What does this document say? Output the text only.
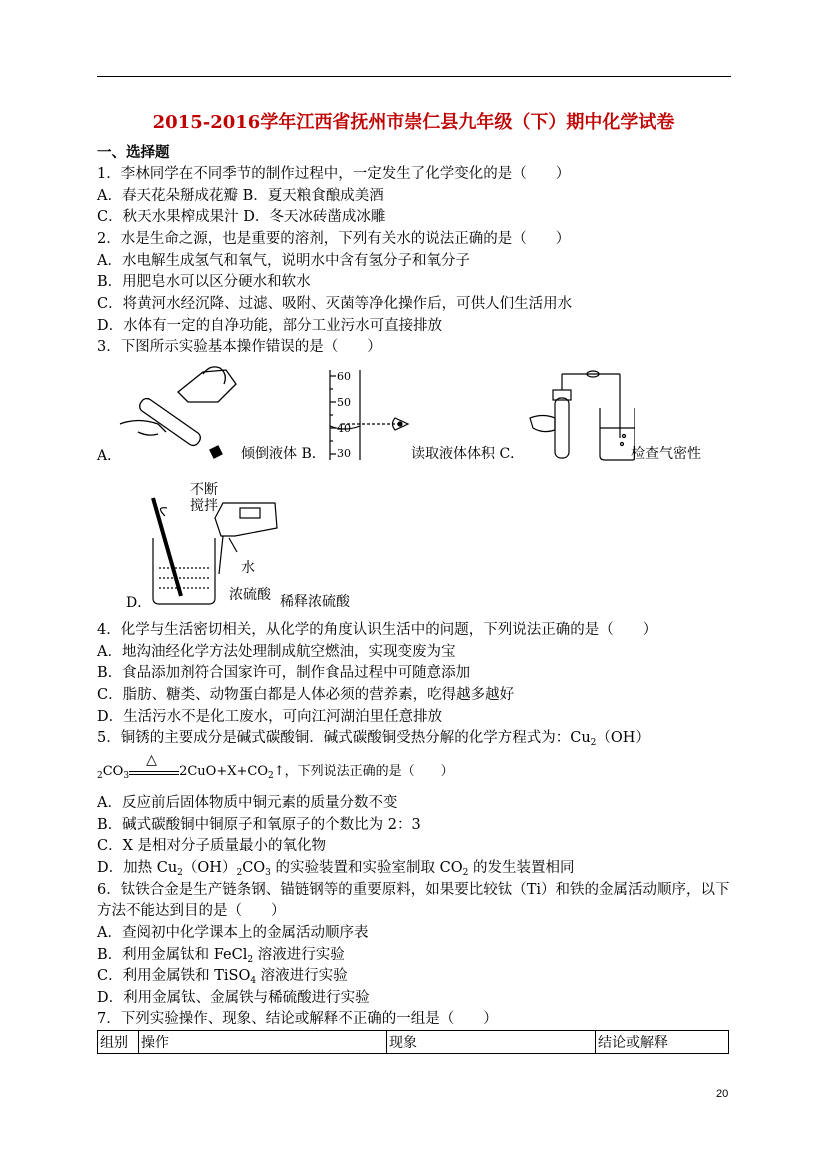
2015-2016学年江西省抚州市崇仁县九年级（下）期中化学试卷
一、选择题
1．李林同学在不同季节的制作过程中，一定发生了化学变化的是（　　）
A．春天花朵掰成花瓣 B．夏天粮食酿成美酒
C．秋天水果榨成果汁 D．冬天冰砖凿成冰雕
2．水是生命之源，也是重要的溶剂，下列有关水的说法正确的是（　　）
A．水电解生成氢气和氧气，说明水中含有氢分子和氧分子
B．用肥皂水可以区分硬水和软水
C．将黄河水经沉降、过滤、吸附、灭菌等净化操作后，可供人们生活用水
D．水体有一定的自净功能，部分工业污水可直接排放
3．下图所示实验基本操作错误的是（　　）
A．	倾倒液体 B．
60
50
40
30	读取液体体积 C．	检查气密性
不断
搅拌
水
浓硫酸
D．	稀释浓硫酸
4．化学与生活密切相关，从化学的角度认识生活中的问题，下列说法正确的是（　　）
A．地沟油经化学方法处理制成航空燃油，实现变废为宝
B．食品添加剂符合国家许可，制作食品过程中可随意添加
C．脂肪、糖类、动物蛋白都是人体必须的营养素，吃得越多越好
D．生活污水不是化工废水，可向江河湖泊里任意排放
5．铜锈的主要成分是碱式碳酸铜．碱式碳酸铜受热分解的化学方程式为：$Cu_2(OH)$
$_2CO_3$
△
$2CuO+X+CO_2↑$，下列说法正确的是（　　）
A．反应前后固体物质中铜元素的质量分数不变
B．碱式碳酸铜中铜原子和氧原子的个数比为 2：3
C．X 是相对分子质量最小的氧化物
D．加热 $Cu_2(OH)_2CO_3$ 的实验装置和实验室制取 $CO_2$ 的发生装置相同
6．钛铁合金是生产链条钢、锚链钢等的重要原料，如果要比较钛（Ti）和铁的金属活动顺序，以下
方法不能达到目的是（　　）
A．查阅初中化学课本上的金属活动顺序表
B．利用金属钛和 FeCl$_2$ 溶液进行实验
C．利用金属铁和 TiSO$_4$ 溶液进行实验
D．利用金属钛、金属铁与稀硫酸进行实验
7．下列实验操作、现象、结论或解释不正确的一组是（　　）
组别	操作	现象	结论或解释
20
